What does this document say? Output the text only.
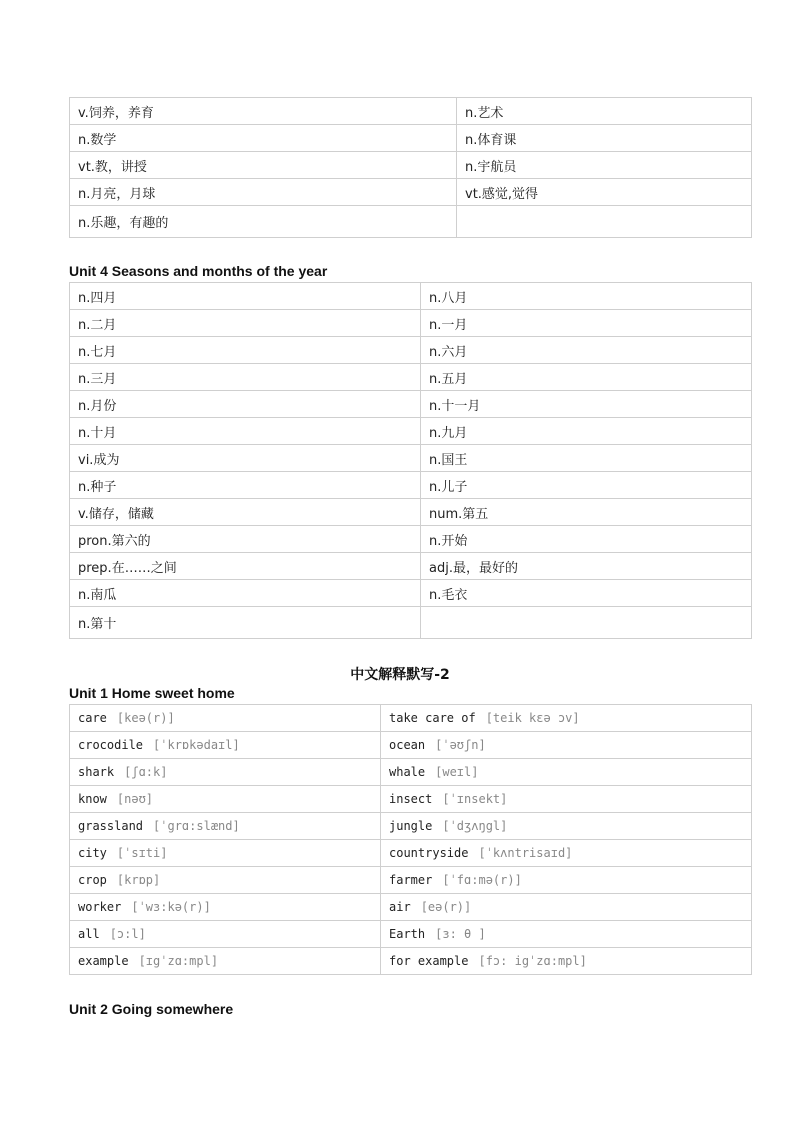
v.饲养，养育	n.艺术
n.数学	n.体育课
vt.教，讲授	n.宇航员
n.月亮，月球	vt.感觉,觉得
n.乐趣，有趣的	
Unit 4 Seasons and months of the year
n.四月	n.八月
n.二月	n.一月
n.七月	n.六月
n.三月	n.五月
n.月份	n.十一月
n.十月	n.九月
vi.成为	n.国王
n.种子	n.儿子
v.储存，储藏	num.第五
pron.第六的	n.开始
prep.在……之间	adj.最，最好的
n.南瓜	n.毛衣
n.第十	
中文解释默写-2
Unit 1 Home sweet home
care [keə(r)]	take care of [teik kɛə ɔv]
crocodile [ˈkrɒkədaɪl]	ocean [ˈəʊʃn]
shark [ʃɑ:k]	whale [weɪl]
know [nəʊ]	insect [ˈɪnsekt]
grassland [ˈgrɑ:slænd]	jungle [ˈdʒʌŋgl]
city [ˈsɪti]	countryside [ˈkʌntrisaɪd]
crop [krɒp]	farmer [ˈfɑ:mə(r)]
worker [ˈwɜ:kə(r)]	air [eə(r)]
all [ɔ:l]	Earth [ɜ: θ ]
example [ɪgˈzɑ:mpl]	for example [fɔ: igˈzɑ:mpl]
Unit 2 Going somewhere
